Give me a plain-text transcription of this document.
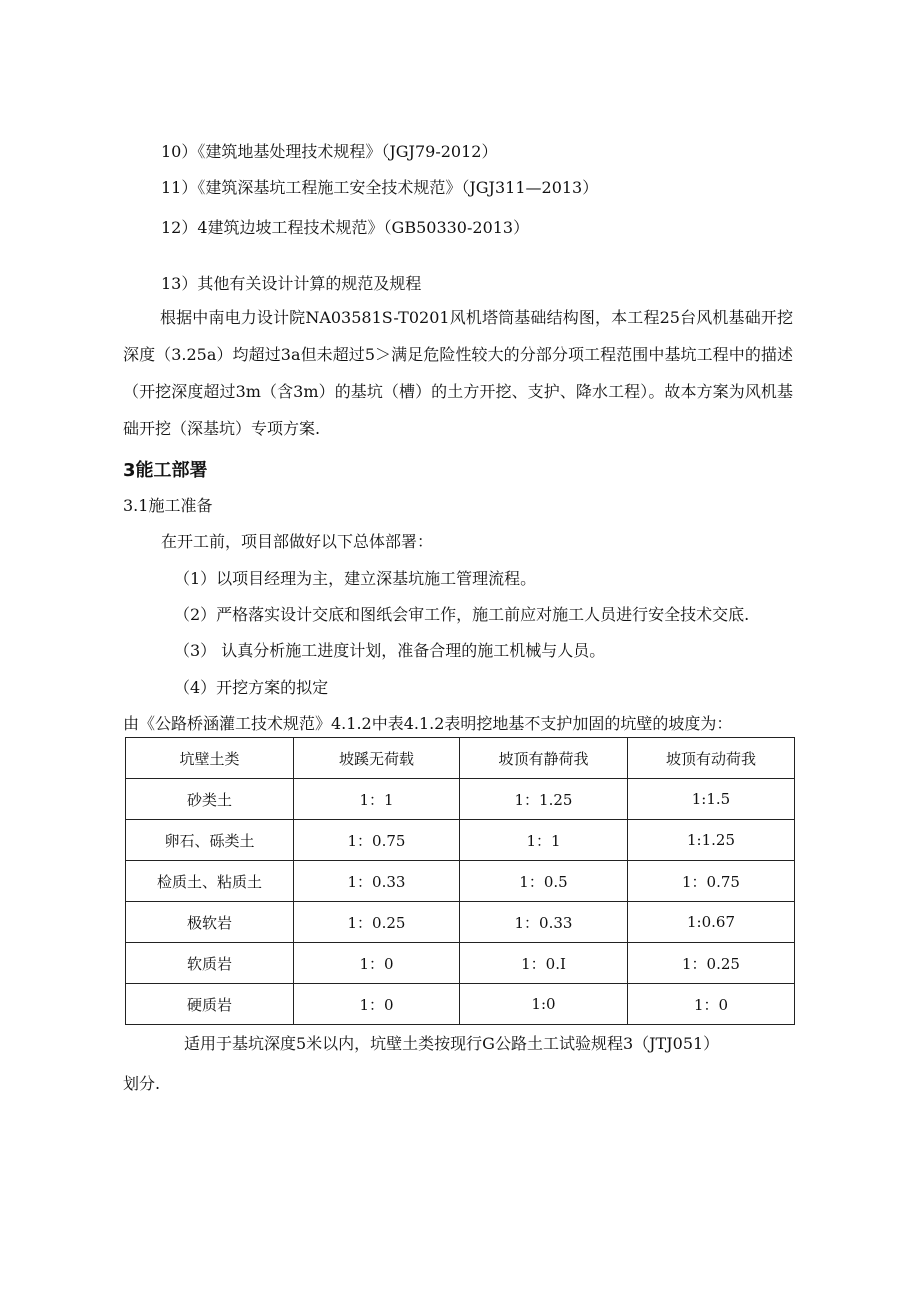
10）《建筑地基处理技术规程》（JGJ79-2012）
11）《建筑深基坑工程施工安全技术规范》（JGJ311—2013）
12）4建筑边坡工程技术规范》（GB50330-2013）
13）其他有关设计计算的规范及规程
根据中南电力设计院NA03581S-T0201风机塔筒基础结构图，本工程25台风机基础开挖深度（3.25a）均超过3a但未超过5＞满足危险性较大的分部分项工程范围中基坑工程中的描述（开挖深度超过3m（含3m）的基坑（槽）的土方开挖、支护、降水工程）。故本方案为风机基础开挖（深基坑）专项方案.
3能工部署
3.1施工准备
在开工前，项目部做好以下总体部署：
（1）以项目经理为主，建立深基坑施工管理流程。
（2）严格落实设计交底和图纸会审工作，施工前应对施工人员进行安全技术交底.
（3） 认真分析施工进度计划，准备合理的施工机械与人员。
（4）开挖方案的拟定
由《公路桥涵灌工技术规范》4.1.2中表4.1.2表明挖地基不支护加固的坑壁的坡度为：
坑壁土类	坡蹊无荷载	坡顶有静荷我	坡顶有动荷我
砂类土	1：1	1：1.25	1:1.5
卵石、砾类土	1：0.75	1：1	1:1.25
检质土、粘质土	1：0.33	1：0.5	1：0.75
极软岩	1：0.25	1：0.33	1:0.67
软质岩	1：0	1：0.I	1：0.25
硬质岩	1：0	1:0	1：0
适用于基坑深度5米以内，坑壁土类按现行G公路土工试验规程3（JTJ051）
划分.
